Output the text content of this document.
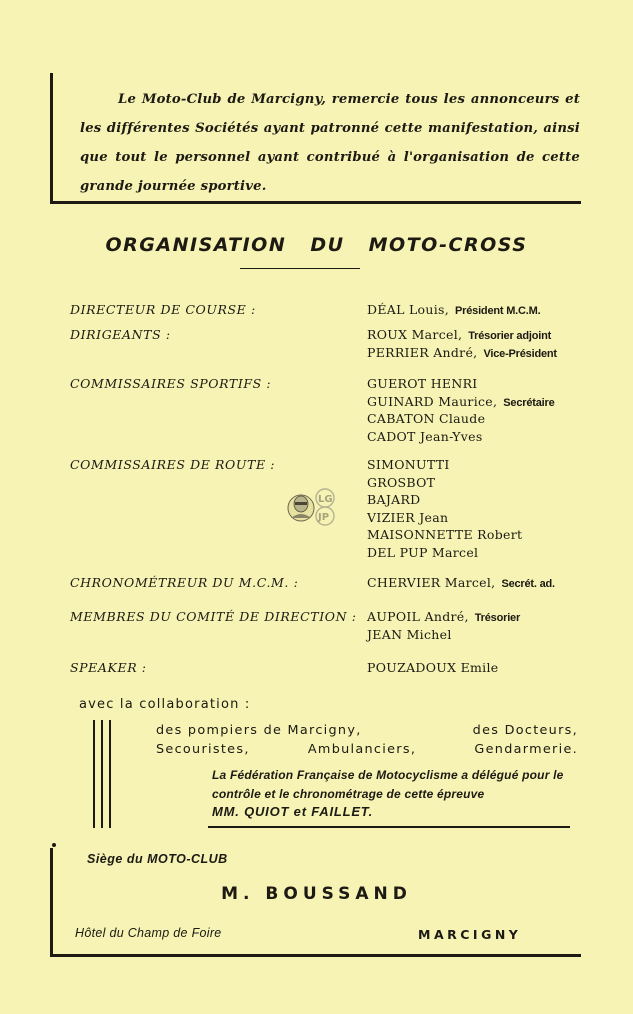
Le Moto-Club de Marcigny, remercie tous les annonceurs et les différentes Sociétés ayant patronné cette manifestation, ainsi que tout le personnel ayant contribué à l'organisation de cette grande journée sportive.
ORGANISATION DU MOTO-CROSS
DIRECTEUR DE COURSE :	DÉAL Louis, Président M.C.M.
DIRIGEANTS :	ROUX Marcel, Trésorier adjoint
PERRIER André, Vice-Président
COMMISSAIRES SPORTIFS :	GUEROT HENRI
GUINARD Maurice, Secrétaire
CABATON Claude
CADOT Jean-Yves
COMMISSAIRES DE ROUTE :	SIMONUTTI
GROSBOT
BAJARD
VIZIER Jean
MAISONNETTE Robert
DEL PUP Marcel
CHRONOMÉTREUR DU M.C.M. :	CHERVIER Marcel, Secrét. ad.
MEMBRES DU COMITÉ DE DIRECTION : AUPOIL André, Trésorier
JEAN Michel
SPEAKER :	POUZADOUX Emile
LG
JP
avec la collaboration :
des pompiers de Marcigny,	des Docteurs,
Secouristes,	Ambulanciers,	Gendarmerie.
La Fédération Française de Motocyclisme a délégué pour le contrôle et le chronométrage de cette épreuve
MM. QUIOT et FAILLET.
Siège du MOTO-CLUB
M. BOUSSAND
Hôtel du Champ de Foire	MARCIGNY
